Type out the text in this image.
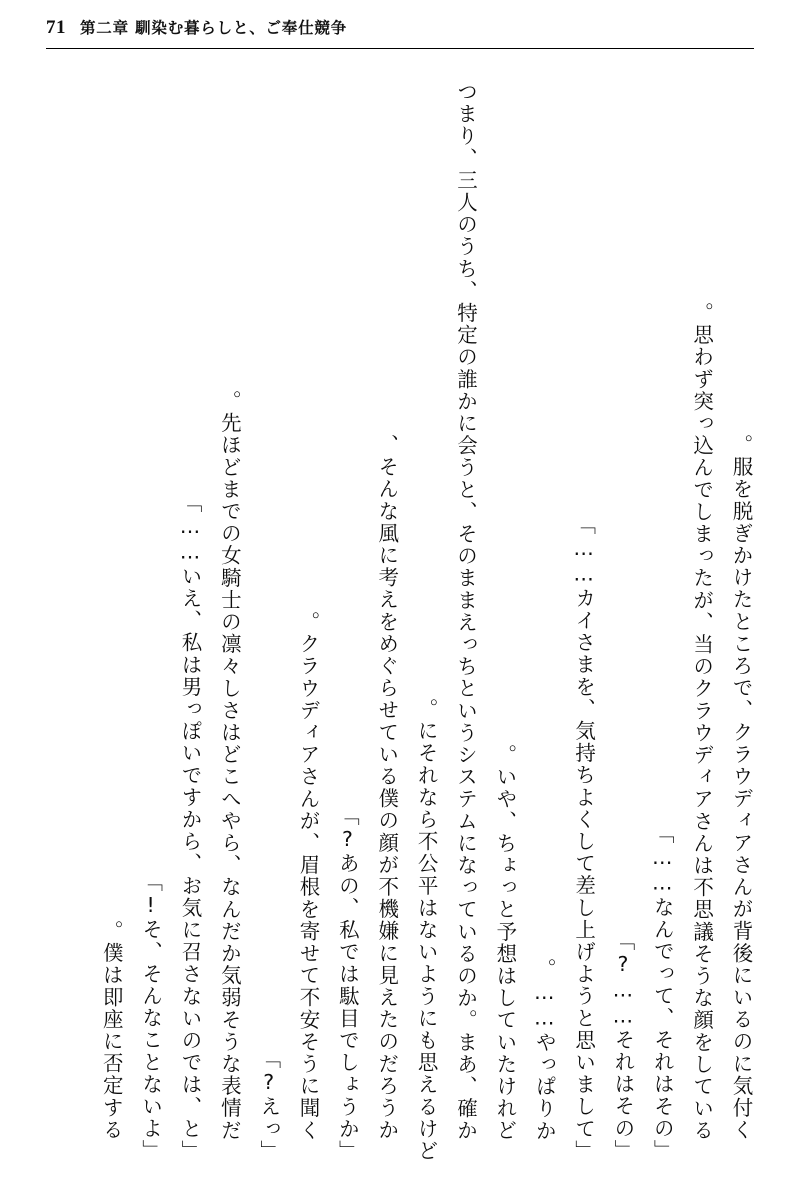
71 第二章 馴染む暮らしと、ご奉仕競争

服を脱ぎかけたところで、クラウディアさんが背後にいるのに気付く。

思わず突っ込んでしまったが、当のクラウディアさんは不思議そうな顔をしている。

「なんでって、それはその……」

「それはその……?」

「カイさまを、気持ちよくして差し上げようと思いまして……」

やっぱりか……。

いや、ちょっと予想はしていたけれど。

つまり、三人のうち、特定の誰かに会うと、そのままえっちというシステムになっているのか。まあ、確かにそれなら不公平はないようにも思えるけど。

そんな風に考えをめぐらせている僕の顔が不機嫌に見えたのだろうか、

「あの、私では駄目でしょうか?」

クラウディアさんが、眉根を寄せて不安そうに聞く。

「えっ?」

先ほどまでの女騎士の凛々しさはどこへやら、なんだか気弱そうな表情だ。

「いえ、私は男っぽいですから、お気に召さないのでは、と……」

「そ、そんなことないよ!」

僕は即座に否定する。
